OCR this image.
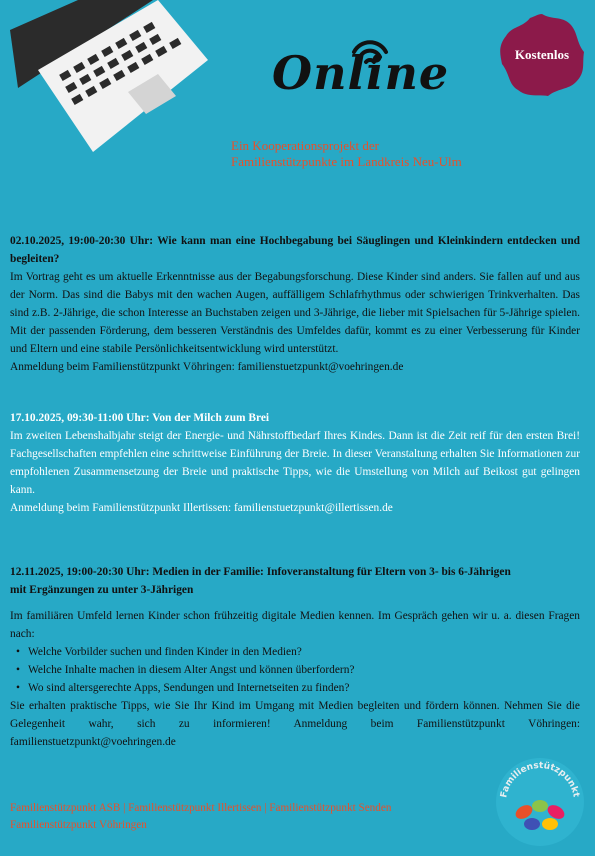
Online	Kostenlos
Ein Kooperationsprojekt der
Familienstützpunkte im Landkreis Neu-Ulm
02.10.2025, 19:00-20:30 Uhr: Wie kann man eine Hochbegabung bei Säuglingen und Kleinkindern entdecken und begleiten?
Im Vortrag geht es um aktuelle Erkenntnisse aus der Begabungsforschung. Diese Kinder sind anders. Sie fallen auf und aus der Norm. Das sind die Babys mit den wachen Augen, auffälligem Schlafrhythmus oder schwierigen Trinkverhalten. Das sind z.B. 2-Jährige, die schon Interesse an Buchstaben zeigen und 3-Jährige, die lieber mit Spielsachen für 5-Jährige spielen. Mit der passenden Förderung, dem besseren Verständnis des Umfeldes dafür, kommt es zu einer Verbesserung für Kinder und Eltern und eine stabile Persönlichkeitsentwicklung wird unterstützt.
Anmeldung beim Familienstützpunkt Vöhringen: familienstuetzpunkt@voehringen.de
17.10.2025, 09:30-11:00 Uhr: Von der Milch zum Brei
Im zweiten Lebenshalbjahr steigt der Energie- und Nährstoffbedarf Ihres Kindes. Dann ist die Zeit reif für den ersten Brei! Fachgesellschaften empfehlen eine schrittweise Einführung der Breie. In dieser Veranstaltung erhalten Sie Informationen zur empfohlenen Zusammensetzung der Breie und praktische Tipps, wie die Umstellung von Milch auf Beikost gut gelingen kann.
Anmeldung beim Familienstützpunkt Illertissen: familienstuetzpunkt@illertissen.de
12.11.2025, 19:00-20:30 Uhr: Medien in der Familie: Infoveranstaltung für Eltern von 3- bis 6-Jährigen
mit Ergänzungen zu unter 3-Jährigen
Im familiären Umfeld lernen Kinder schon frühzeitig digitale Medien kennen. Im Gespräch gehen wir u. a. diesen Fragen nach:
• Welche Vorbilder suchen und finden Kinder in den Medien?
• Welche Inhalte machen in diesem Alter Angst und können überfordern?
• Wo sind altersgerechte Apps, Sendungen und Internetseiten zu finden?
Sie erhalten praktische Tipps, wie Sie Ihr Kind im Umgang mit Medien begleiten und fördern können. Nehmen Sie die Gelegenheit wahr, sich zu informieren! Anmeldung beim Familienstützpunkt Vöhringen: familienstuetzpunkt@voehringen.de
Familienstützpunkt ASB | Familienstützpunkt Illertissen | Familienstützpunkt Senden
Familienstützpunkt Vöhringen
Familienstützpunkt
